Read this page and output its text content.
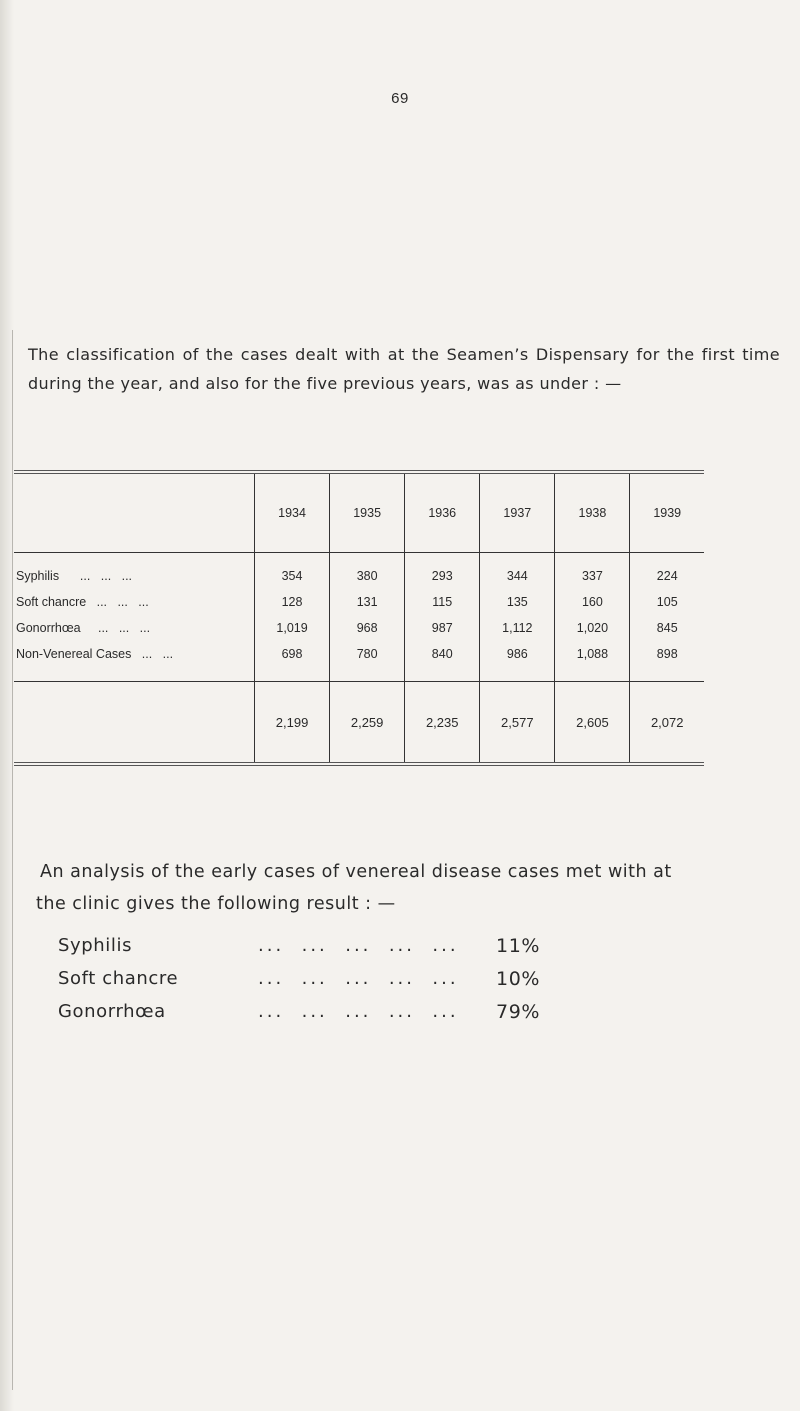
69

The classification of the cases dealt with at the Seamen’s Dispensary for the first time during the year, and also for the five previous years, was as under : —

	1934	1935	1936	1937	1938	1939
Syphilis ...   ...   ...	354	380	293	344	337	224
Soft chancre ...   ...   ...	128	131	115	135	160	105
Gonorrhœa ...   ...   ...	1,019	968	987	1,112	1,020	845
Non-Venereal Cases ...   ...	698	780	840	986	1,088	898
	2,199	2,259	2,235	2,577	2,605	2,072
An analysis of the early cases of venereal disease cases met with at
the clinic gives the following result : —
Syphilis	...  ...  ...  ...  ...	11%
Soft chancre	...  ...  ...  ...  ...	10%
Gonorrhœa	...  ...  ...  ...  ...	79%
